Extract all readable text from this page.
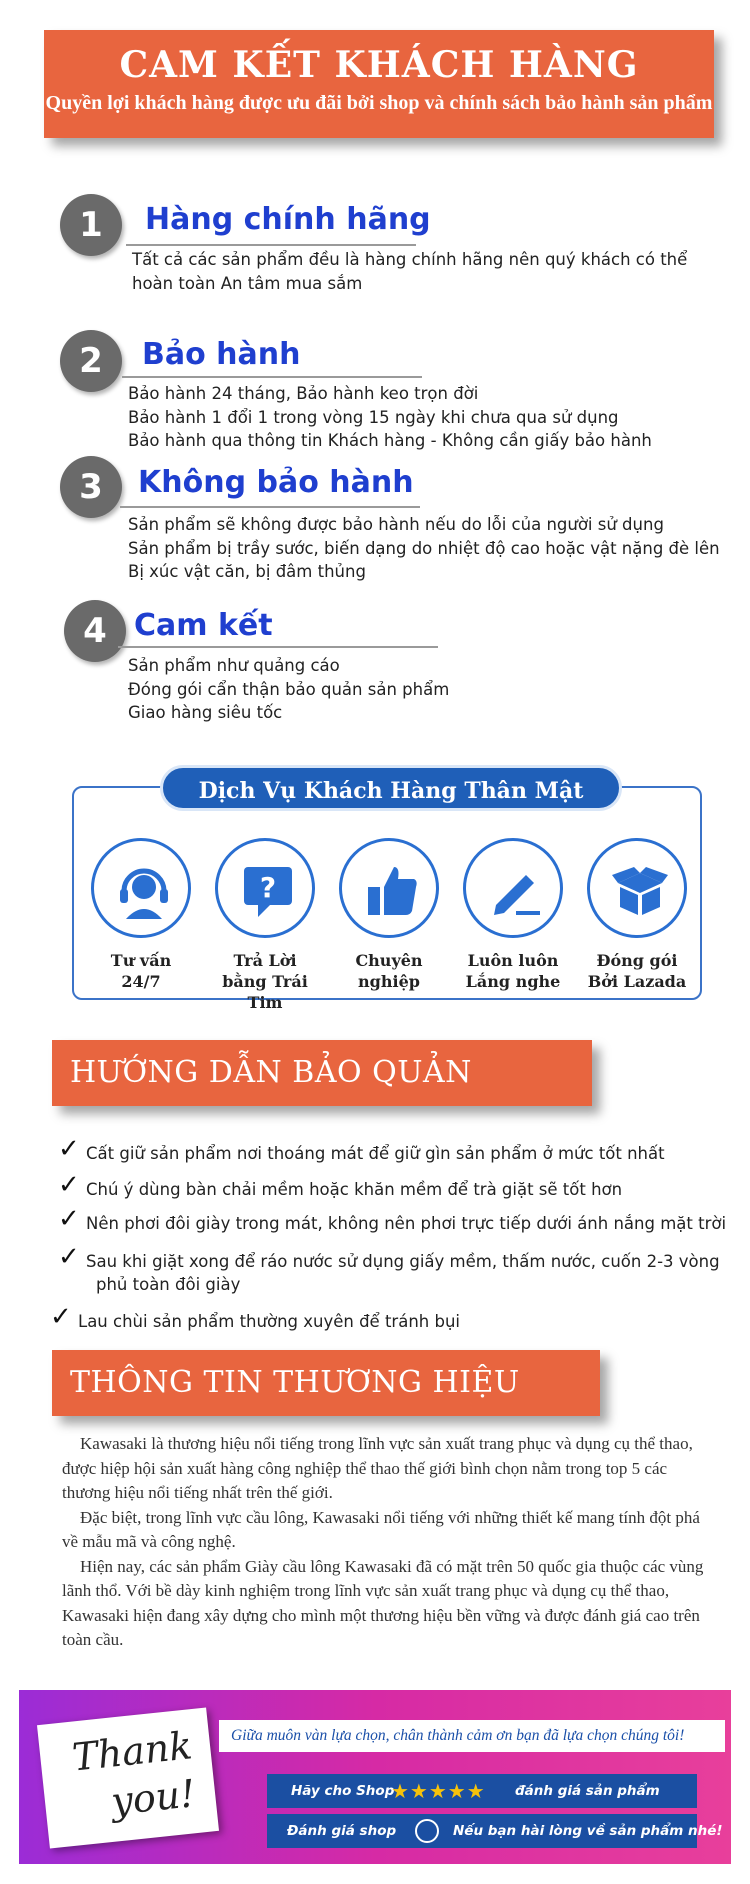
CAM KẾT KHÁCH HÀNG
Quyền lợi khách hàng được ưu đãi bởi shop và chính sách bảo hành sản phẩm
1	Hàng chính hãng
Tất cả các sản phẩm đều là hàng chính hãng nên quý khách có thể
hoàn toàn An tâm mua sắm
2	Bảo hành
Bảo hành 24 tháng, Bảo hành keo trọn đời
Bảo hành 1 đổi 1 trong vòng 15 ngày khi chưa qua sử dụng
Bảo hành qua thông tin Khách hàng - Không cần giấy bảo hành
3	Không bảo hành
Sản phẩm sẽ không được bảo hành nếu do lỗi của người sử dụng
Sản phẩm bị trầy sước, biến dạng do nhiệt độ cao hoặc vật nặng đè lên
Bị xúc vật căn, bị đâm thủng
4 Cam kết
Sản phẩm như quảng cáo
Đóng gói cẩn thận bảo quản sản phẩm
Giao hàng siêu tốc
Dịch Vụ Khách Hàng Thân Mật
Tư vấn
24/7
?
Trả Lời
bằng Trái Tim
Chuyên
nghiệp
Luôn luôn
Lắng nghe
Đóng gói
Bởi Lazada
HƯỚNG DẪN BẢO QUẢN
✓ Cất giữ sản phẩm nơi thoáng mát để giữ gìn sản phẩm ở mức tốt nhất
✓ Chú ý dùng bàn chải mềm hoặc khăn mềm để trà giặt sẽ tốt hơn
✓ Nên phơi đôi giày trong mát, không nên phơi trực tiếp dưới ánh nắng mặt trời
✓ Sau khi giặt xong để ráo nước sử dụng giấy mềm, thấm nước, cuốn 2-3 vòng
phủ toàn đôi giày
✓ Lau chùi sản phẩm thường xuyên để tránh bụi
THÔNG TIN THƯƠNG HIỆU

Kawasaki là thương hiệu nổi tiếng trong lĩnh vực sản xuất trang phục và dụng cụ thể thao, được hiệp hội sản xuất hàng công nghiệp thể thao thế giới bình chọn nằm trong top 5 các thương hiệu nổi tiếng nhất trên thế giới.

Đặc biệt, trong lĩnh vực cầu lông, Kawasaki nổi tiếng với những thiết kế mang tính đột phá về mẫu mã và công nghệ.

Hiện nay, các sản phẩm Giày cầu lông Kawasaki đã có mặt trên 50 quốc gia thuộc các vùng lãnh thổ. Với bề dày kinh nghiệm trong lĩnh vực sản xuất trang phục và dụng cụ thể thao, Kawasaki hiện đang xây dựng cho mình một thương hiệu bền vững và được đánh giá cao trên toàn cầu.

Thank
you!
Giữa muôn vàn lựa chọn, chân thành cảm ơn bạn đã lựa chọn chúng tôi!
Hãy cho Shop
★★★★★ đánh giá sản phẩm
Đánh giá shop	Nếu bạn hài lòng về sản phẩm nhé!
